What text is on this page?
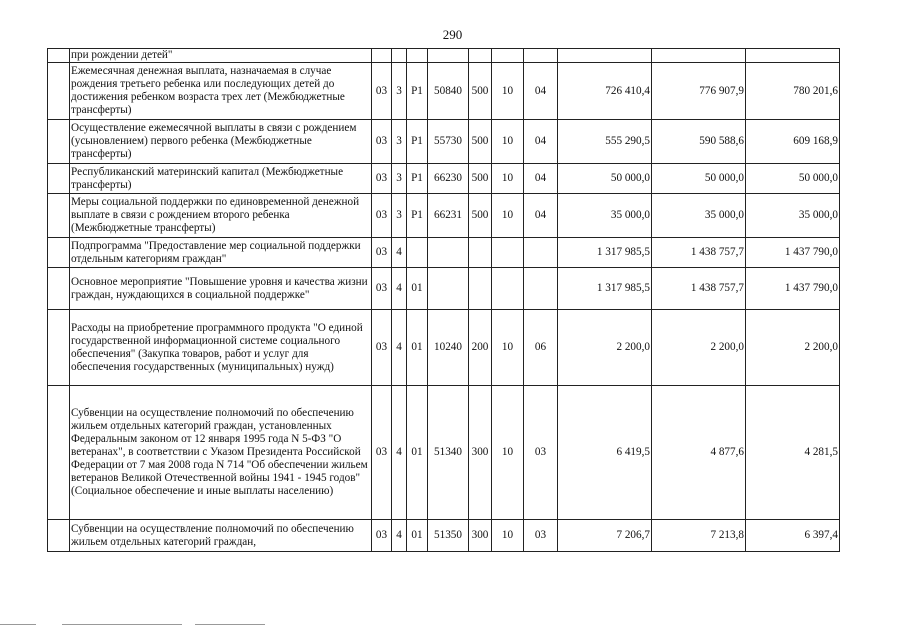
290
	при рождении детей"										
	Ежемесячная денежная выплата, назначаемая в случае рождения третьего ребенка или последующих детей до достижения ребенком возраста трех лет (Межбюджетные трансферты)	03	3	P1	50840	500	10	04	726 410,4	776 907,9	780 201,6
	Осуществление ежемесячной выплаты в связи с рождением (усыновлением) первого ребенка (Межбюджетные трансферты)	03	3	P1	55730	500	10	04	555 290,5	590 588,6	609 168,9
	Республиканский материнский капитал (Межбюджетные трансферты)	03	3	P1	66230	500	10	04	50 000,0	50 000,0	50 000,0
	Меры социальной поддержки по единовременной денежной выплате в связи с рождением второго ребенка (Межбюджетные трансферты)	03	3	P1	66231	500	10	04	35 000,0	35 000,0	35 000,0
	Подпрограмма "Предоставление мер социальной поддержки отдельным категориям граждан"	03	4						1 317 985,5	1 438 757,7	1 437 790,0
	Основное мероприятие "Повышение уровня и качества жизни граждан, нуждающихся в социальной поддержке"	03	4	01					1 317 985,5	1 438 757,7	1 437 790,0
	Расходы на приобретение программного продукта "О единой государственной информационной системе социального обеспечения" (Закупка товаров, работ и услуг для обеспечения государственных (муниципальных) нужд)	03	4	01	10240	200	10	06	2 200,0	2 200,0	2 200,0
	Субвенции на осуществление полномочий по обеспечению жильем отдельных категорий граждан, установленных Федеральным законом от 12 января 1995 года N 5-ФЗ "О ветеранах", в соответствии с Указом Президента Российской Федерации от 7 мая 2008 года N 714 "Об обеспечении жильем ветеранов Великой Отечественной войны 1941 - 1945 годов" (Социальное обеспечение и иные выплаты населению)	03	4	01	51340	300	10	03	6 419,5	4 877,6	4 281,5
	Субвенции на осуществление полномочий по обеспечению жильем отдельных категорий граждан,	03	4	01	51350	300	10	03	7 206,7	7 213,8	6 397,4
